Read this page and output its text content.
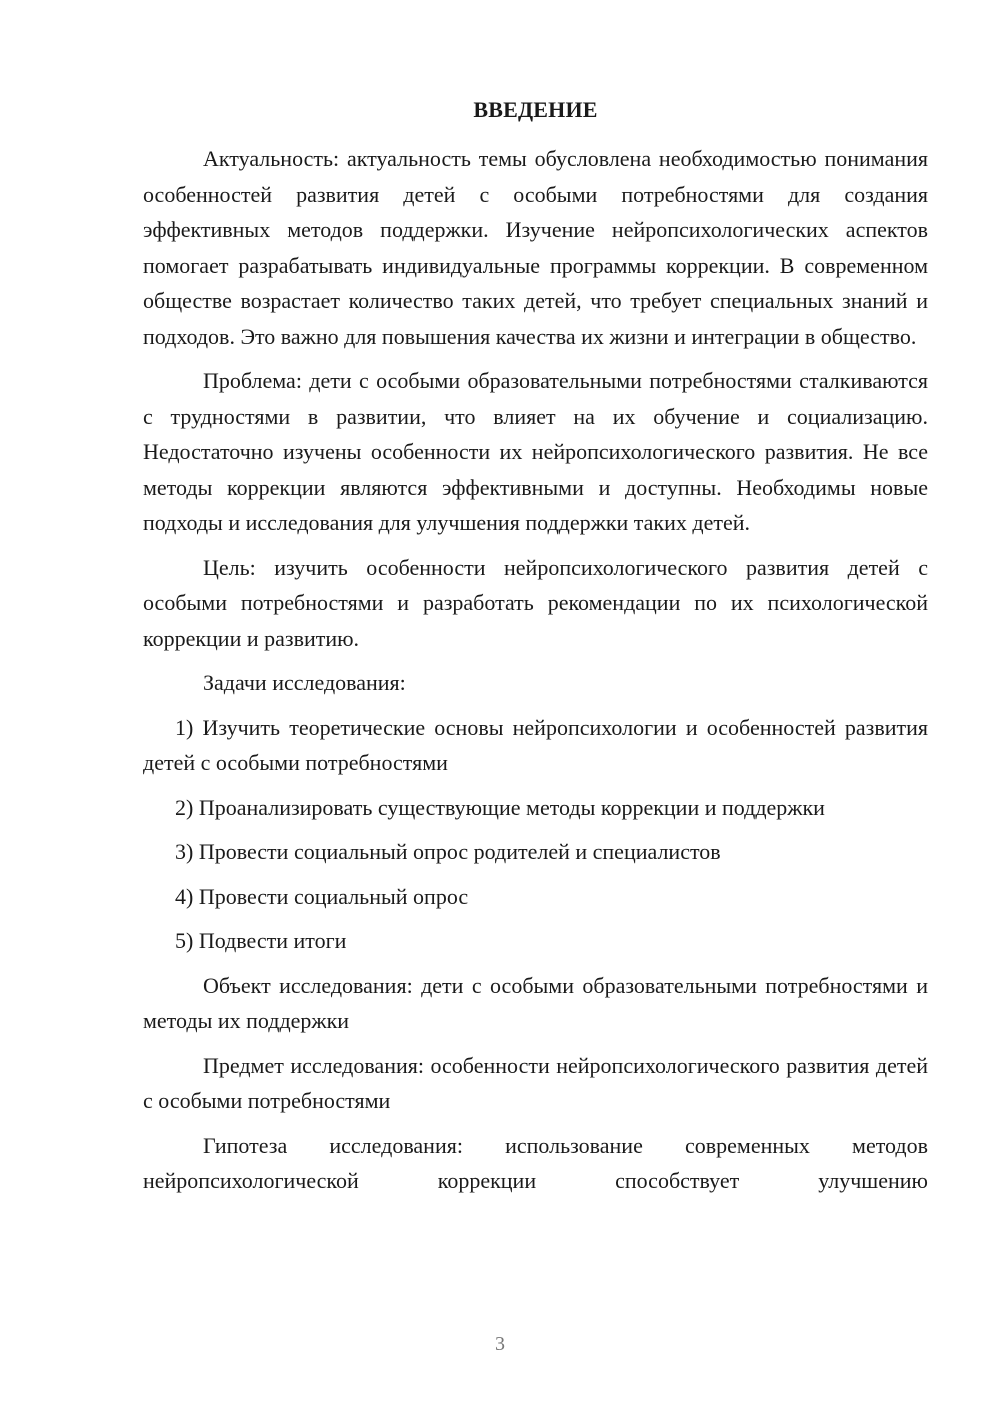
ВВЕДЕНИЕ

Актуальность: актуальность темы обусловлена необходимостью понимания особенностей развития детей с особыми потребностями для создания эффективных методов поддержки. Изучение нейропсихологических аспектов помогает разрабатывать индивидуальные программы коррекции. В современном обществе возрастает количество таких детей, что требует специальных знаний и подходов. Это важно для повышения качества их жизни и интеграции в общество.

Проблема: дети с особыми образовательными потребностями сталкиваются с трудностями в развитии, что влияет на их обучение и социализацию. Недостаточно изучены особенности их нейропсихологического развития. Не все методы коррекции являются эффективными и доступны. Необходимы новые подходы и исследования для улучшения поддержки таких детей.

Цель: изучить особенности нейропсихологического развития детей с особыми потребностями и разработать рекомендации по их психологической коррекции и развитию.

Задачи исследования:

1) Изучить теоретические основы нейропсихологии и особенностей развития детей с особыми потребностями

2) Проанализировать существующие методы коррекции и поддержки
3) Провести социальный опрос родителей и специалистов
4) Провести социальный опрос
5) Подвести итоги

Объект исследования: дети с особыми образовательными потребностями и методы их поддержки

Предмет исследования: особенности нейропсихологического развития детей с особыми потребностями

Гипотеза исследования: использование современных методов нейропсихологической коррекции способствует улучшению

3
